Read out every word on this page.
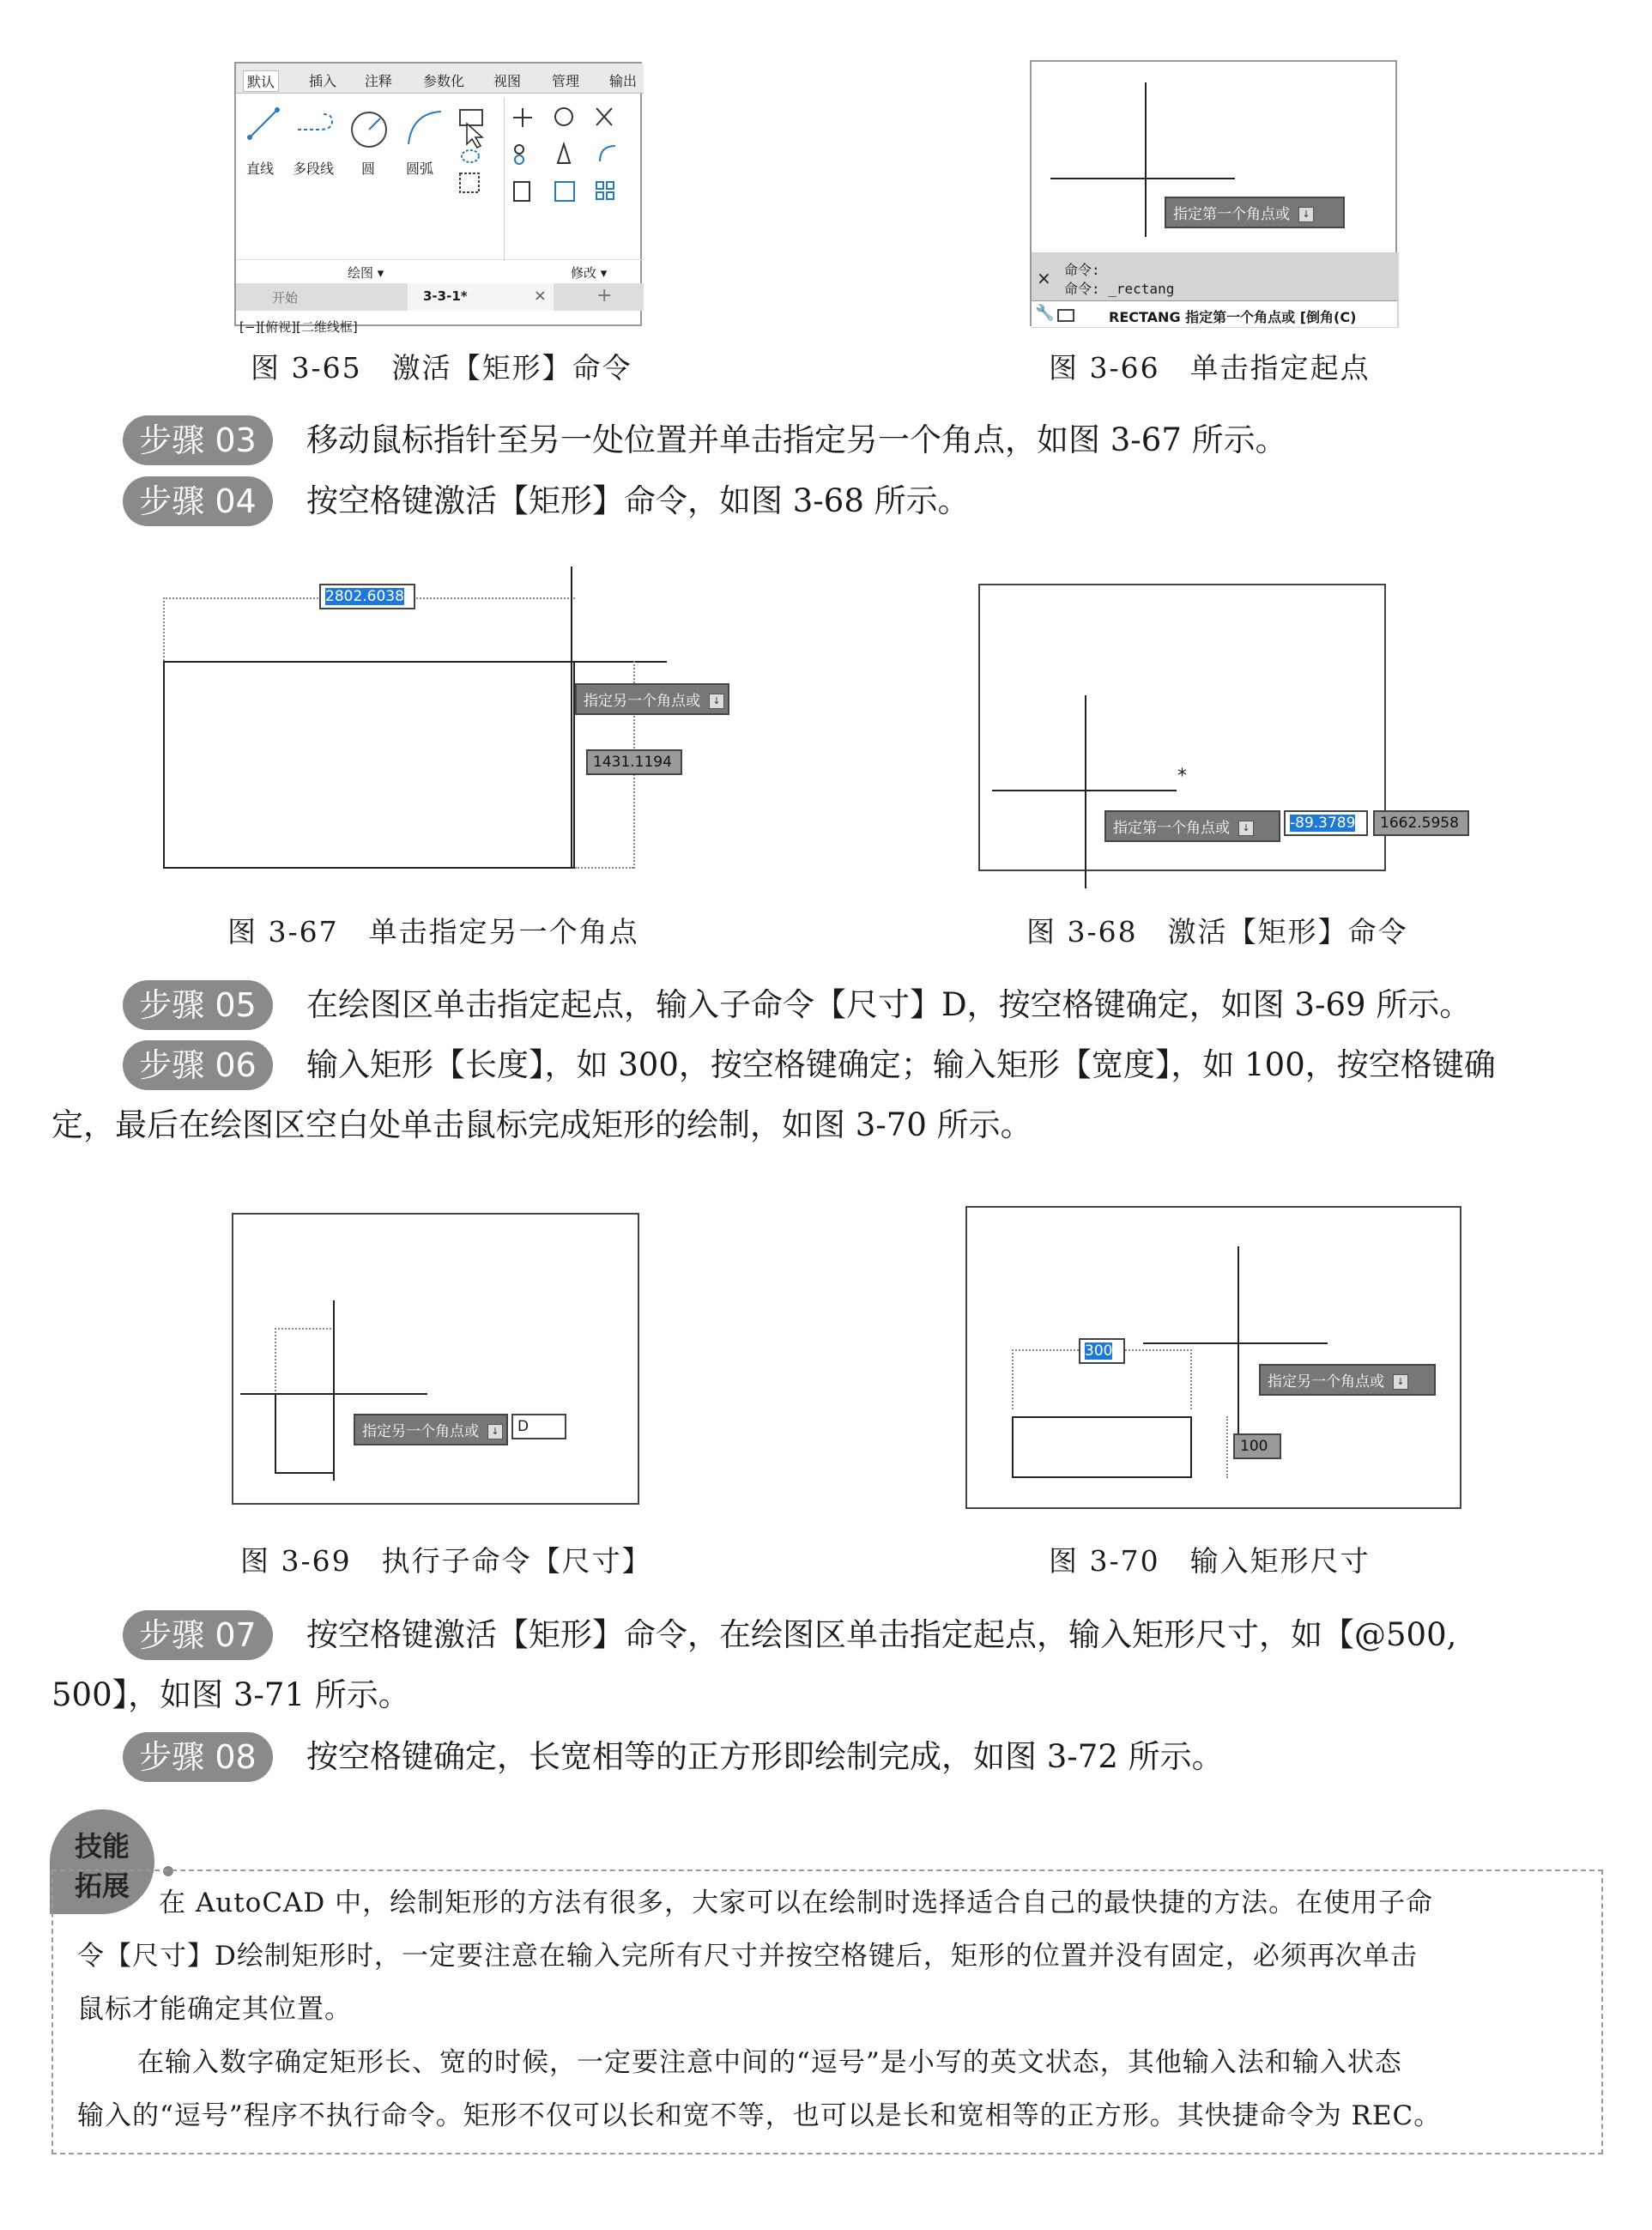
默认	插入 注释 参数化 视图 管理 输出
直线 多段线 圆 圆弧
绘图 ▾	修改 ▾
开始	3-3-1*	×	+
[−][俯视][二维线框]
图 3-65　激活【矩形】命令
指定第一个角点或 ↓
× 命令:
命令: _rectang
🔧	RECTANG 指定第一个角点或 [倒角(C)
图 3-66　单击指定起点
步骤 03	移动鼠标指针至另一处位置并单击指定另一个角点，如图 3-67 所示。
步骤 04	按空格键激活【矩形】命令，如图 3-68 所示。
2802.6038
指定另一个角点或 ↓
1431.1194
图 3-67　单击指定另一个角点
*
指定第一个角点或 ↓	-89.3789	1662.5958
图 3-68　激活【矩形】命令
步骤 05	在绘图区单击指定起点，输入子命令【尺寸】D，按空格键确定，如图 3-69 所示。
步骤 06	输入矩形【长度】，如 300，按空格键确定；输入矩形【宽度】，如 100，按空格键确
定，最后在绘图区空白处单击鼠标完成矩形的绘制，如图 3-70 所示。
指定另一个角点或 ↓	D
图 3-69　执行子命令【尺寸】
300
指定另一个角点或 ↓
100
图 3-70　输入矩形尺寸
步骤 07	按空格键激活【矩形】命令，在绘图区单击指定起点，输入矩形尺寸，如【@500,
500】，如图 3-71 所示。
步骤 08	按空格键确定，长宽相等的正方形即绘制完成，如图 3-72 所示。
技能
拓展
在 AutoCAD 中，绘制矩形的方法有很多，大家可以在绘制时选择适合自己的最快捷的方法。在使用子命
令【尺寸】D绘制矩形时，一定要注意在输入完所有尺寸并按空格键后，矩形的位置并没有固定，必须再次单击
鼠标才能确定其位置。
在输入数字确定矩形长、宽的时候，一定要注意中间的“逗号”是小写的英文状态，其他输入法和输入状态
输入的“逗号”程序不执行命令。矩形不仅可以长和宽不等，也可以是长和宽相等的正方形。其快捷命令为 REC。
